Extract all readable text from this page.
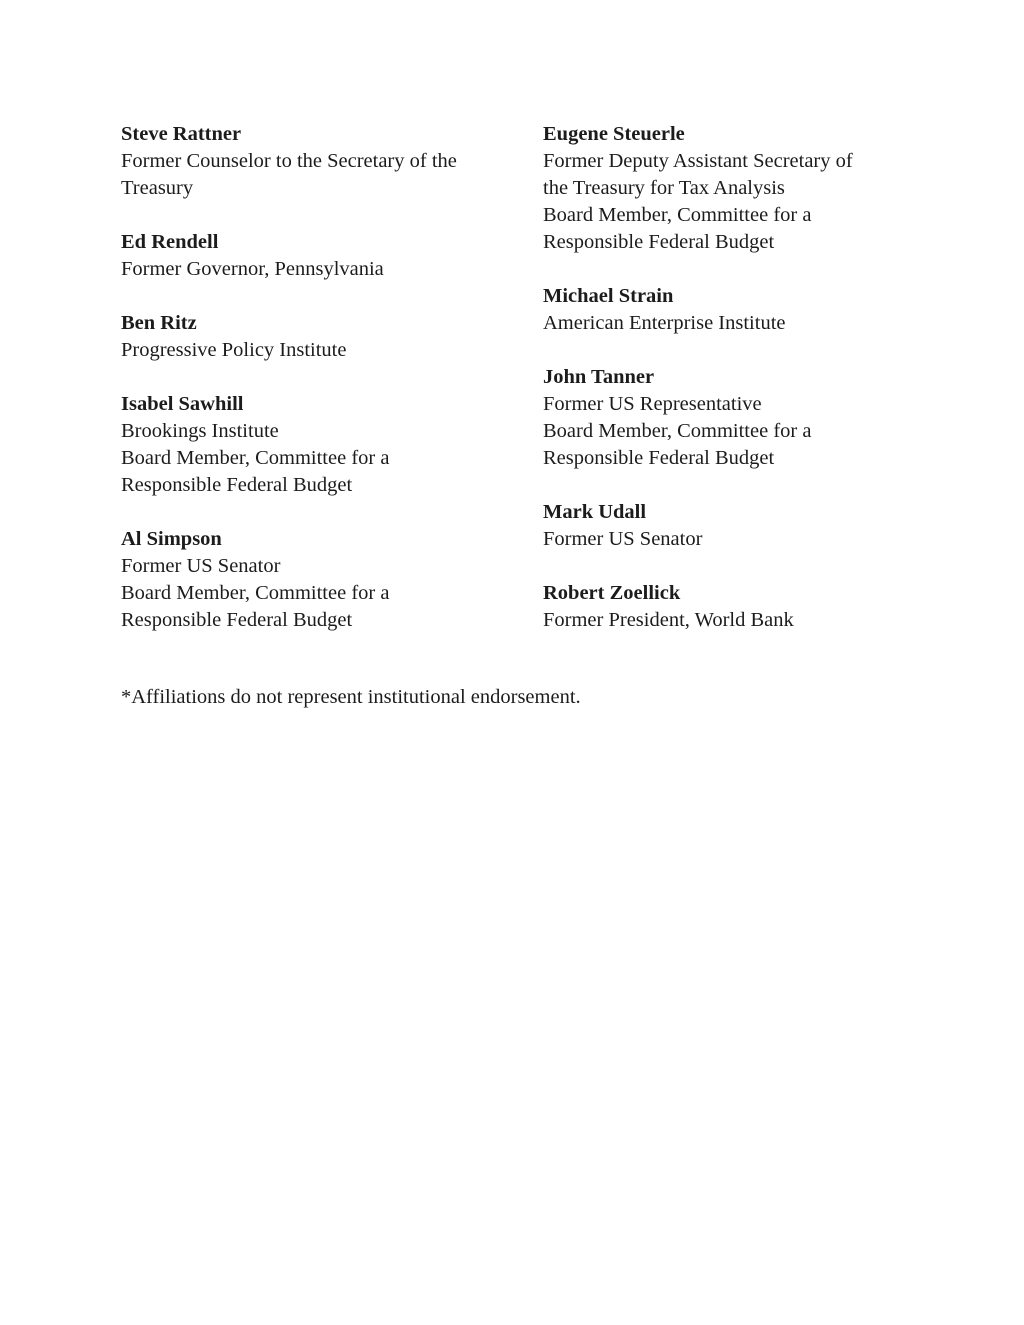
Steve Rattner
Former Counselor to the Secretary of the
Treasury
Ed Rendell
Former Governor, Pennsylvania
Ben Ritz
Progressive Policy Institute
Isabel Sawhill
Brookings Institute
Board Member, Committee for a
Responsible Federal Budget
Al Simpson
Former US Senator
Board Member, Committee for a
Responsible Federal Budget
Eugene Steuerle
Former Deputy Assistant Secretary of
the Treasury for Tax Analysis
Board Member, Committee for a
Responsible Federal Budget
Michael Strain
American Enterprise Institute
John Tanner
Former US Representative
Board Member, Committee for a
Responsible Federal Budget
Mark Udall
Former US Senator
Robert Zoellick
Former President, World Bank
*Affiliations do not represent institutional endorsement.
